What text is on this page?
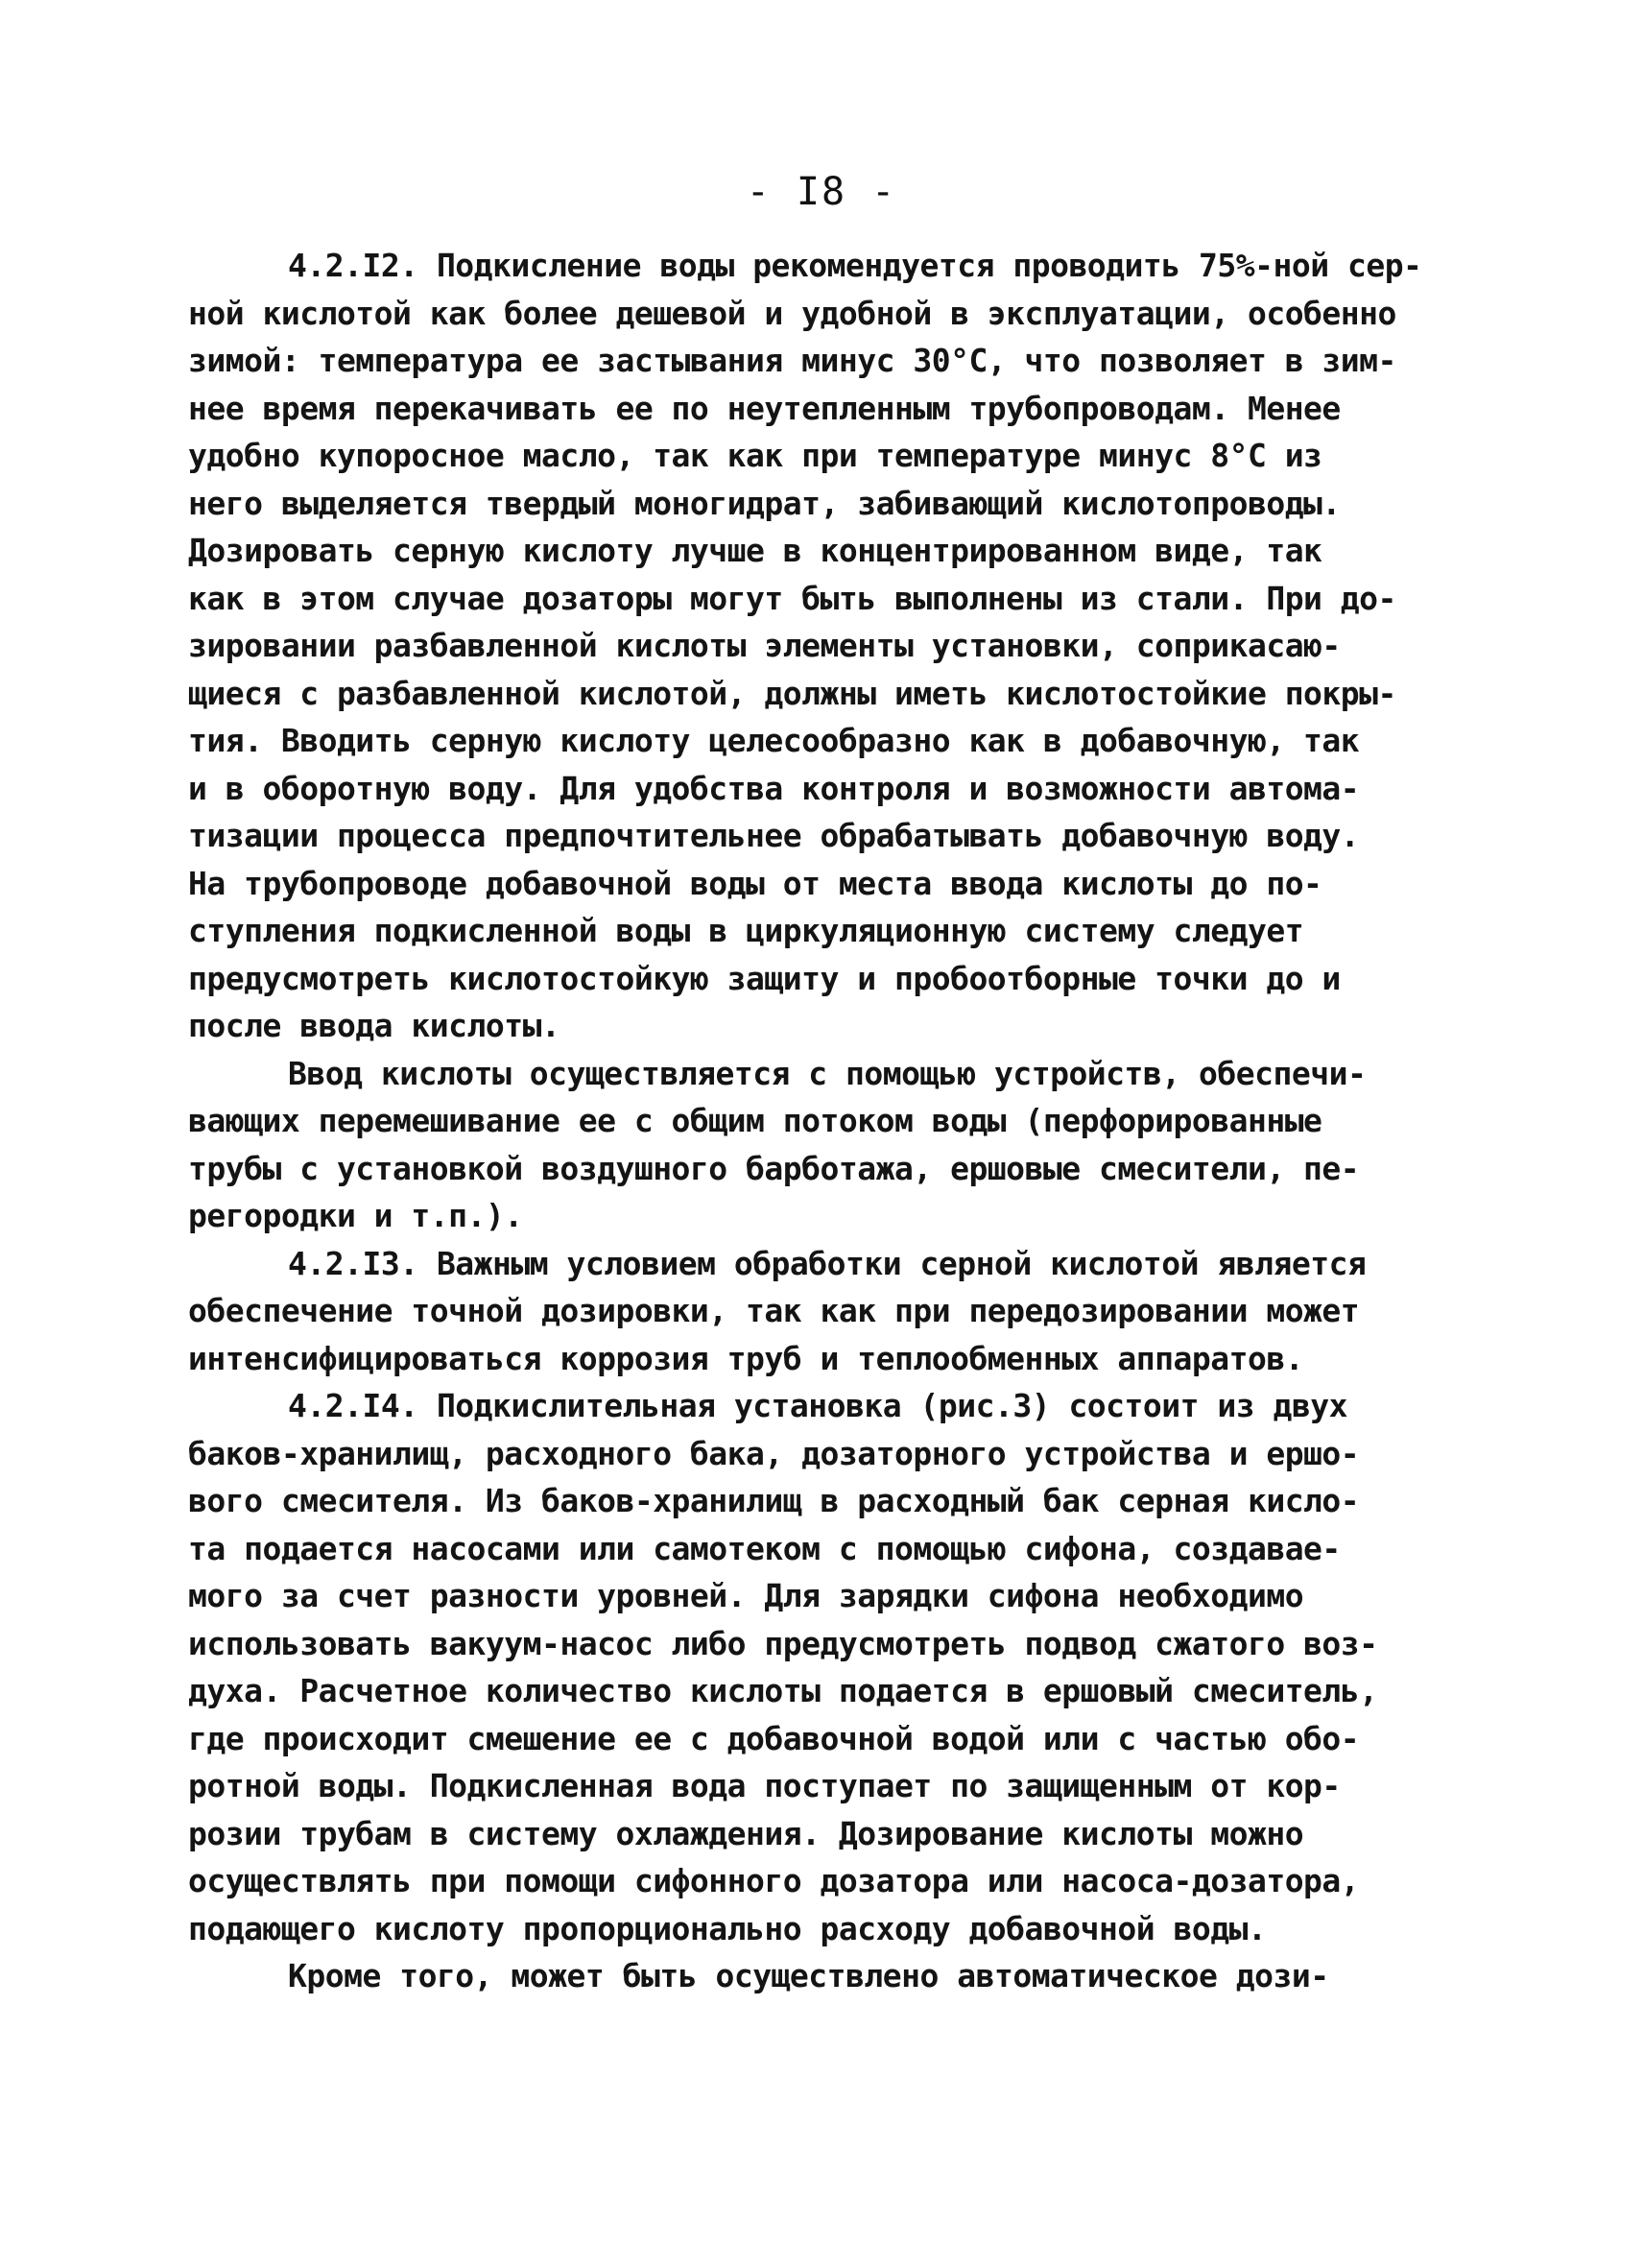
- I8 -
4.2.I2. Подкисление воды рекомендуется проводить 75%-ной сер-
ной кислотой как более дешевой и удобной в эксплуатации, особенно
зимой: температура ее застывания минус 30°С, что позволяет в зим-
нее время перекачивать ее по неутепленным трубопроводам. Менее
удобно купоросное масло, так как при температуре минус 8°С из
него выделяется твердый моногидрат, забивающий кислотопроводы.
Дозировать серную кислоту лучше в концентрированном виде, так
как в этом случае дозаторы могут быть выполнены из стали. При до-
зировании разбавленной кислоты элементы установки, соприкасаю-
щиеся с разбавленной кислотой, должны иметь кислотостойкие покры-
тия. Вводить серную кислоту целесообразно как в добавочную, так
и в оборотную воду. Для удобства контроля и возможности автома-
тизации процесса предпочтительнее обрабатывать добавочную воду.
На трубопроводе добавочной воды от места ввода кислоты до по-
ступления подкисленной воды в циркуляционную систему следует
предусмотреть кислотостойкую защиту и пробоотборные точки до и
после ввода кислоты.
Ввод кислоты осуществляется с помощью устройств, обеспечи-
вающих перемешивание ее с общим потоком воды (перфорированные
трубы с установкой воздушного барботажа, ершовые смесители, пе-
регородки и т.п.).
4.2.I3. Важным условием обработки серной кислотой является
обеспечение точной дозировки, так как при передозировании может
интенсифицироваться коррозия труб и теплообменных аппаратов.
4.2.I4. Подкислительная установка (рис.3) состоит из двух
баков-хранилищ, расходного бака, дозаторного устройства и ершо-
вого смесителя. Из баков-хранилищ в расходный бак серная кисло-
та подается насосами или самотеком с помощью сифона, создавае-
мого за счет разности уровней. Для зарядки сифона необходимо
использовать вакуум-насос либо предусмотреть подвод сжатого воз-
духа. Расчетное количество кислоты подается в ершовый смеситель,
где происходит смешение ее с добавочной водой или с частью обо-
ротной воды. Подкисленная вода поступает по защищенным от кор-
розии трубам в систему охлаждения. Дозирование кислоты можно
осуществлять при помощи сифонного дозатора или насоса-дозатора,
подающего кислоту пропорционально расходу добавочной воды.
Кроме того, может быть осуществлено автоматическое дози-
